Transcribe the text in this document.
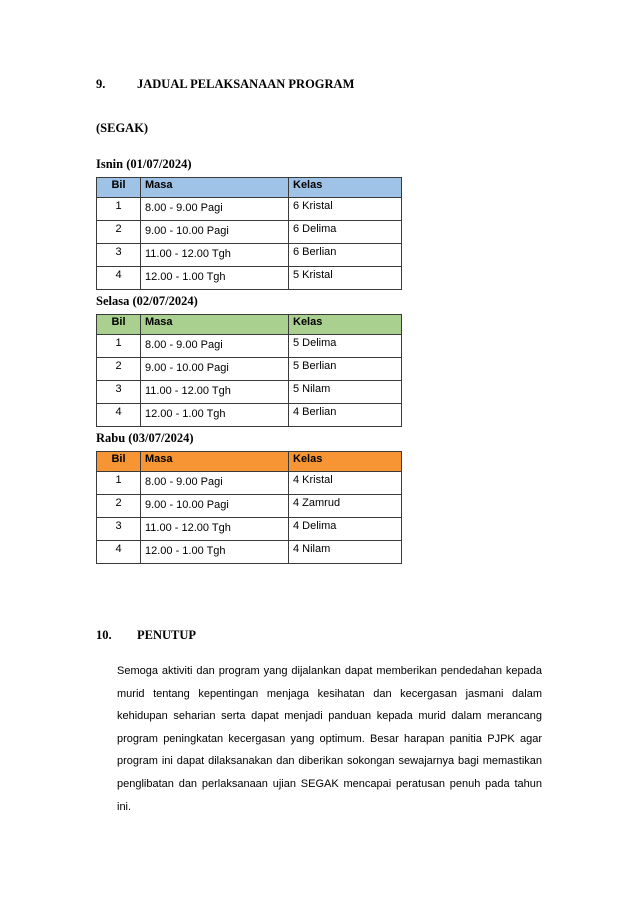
9.	JADUAL PELAKSANAAN PROGRAM
(SEGAK)
Isnin (01/07/2024)
Bil	Masa	Kelas
1	8.00 - 9.00 Pagi	6 Kristal
2	9.00 - 10.00 Pagi	6 Delima
3	11.00 - 12.00 Tgh	6 Berlian
4	12.00 - 1.00 Tgh	5 Kristal
Selasa (02/07/2024)
Bil	Masa	Kelas
1	8.00 - 9.00 Pagi	5 Delima
2	9.00 - 10.00 Pagi	5 Berlian
3	11.00 - 12.00 Tgh	5 Nilam
4	12.00 - 1.00 Tgh	4 Berlian
Rabu (03/07/2024)
Bil	Masa	Kelas
1	8.00 - 9.00 Pagi	4 Kristal
2	9.00 - 10.00 Pagi	4 Zamrud
3	11.00 - 12.00 Tgh	4 Delima
4	12.00 - 1.00 Tgh	4 Nilam
10. PENUTUP

Semoga aktiviti dan program yang dijalankan dapat memberikan pendedahan kepada murid tentang kepentingan menjaga kesihatan dan kecergasan jasmani dalam kehidupan seharian serta dapat menjadi panduan kepada murid dalam merancang program peningkatan kecergasan yang optimum. Besar harapan panitia PJPK agar program ini dapat dilaksanakan dan diberikan sokongan sewajarnya bagi memastikan penglibatan dan perlaksanaan ujian SEGAK mencapai peratusan penuh pada tahun ini.
